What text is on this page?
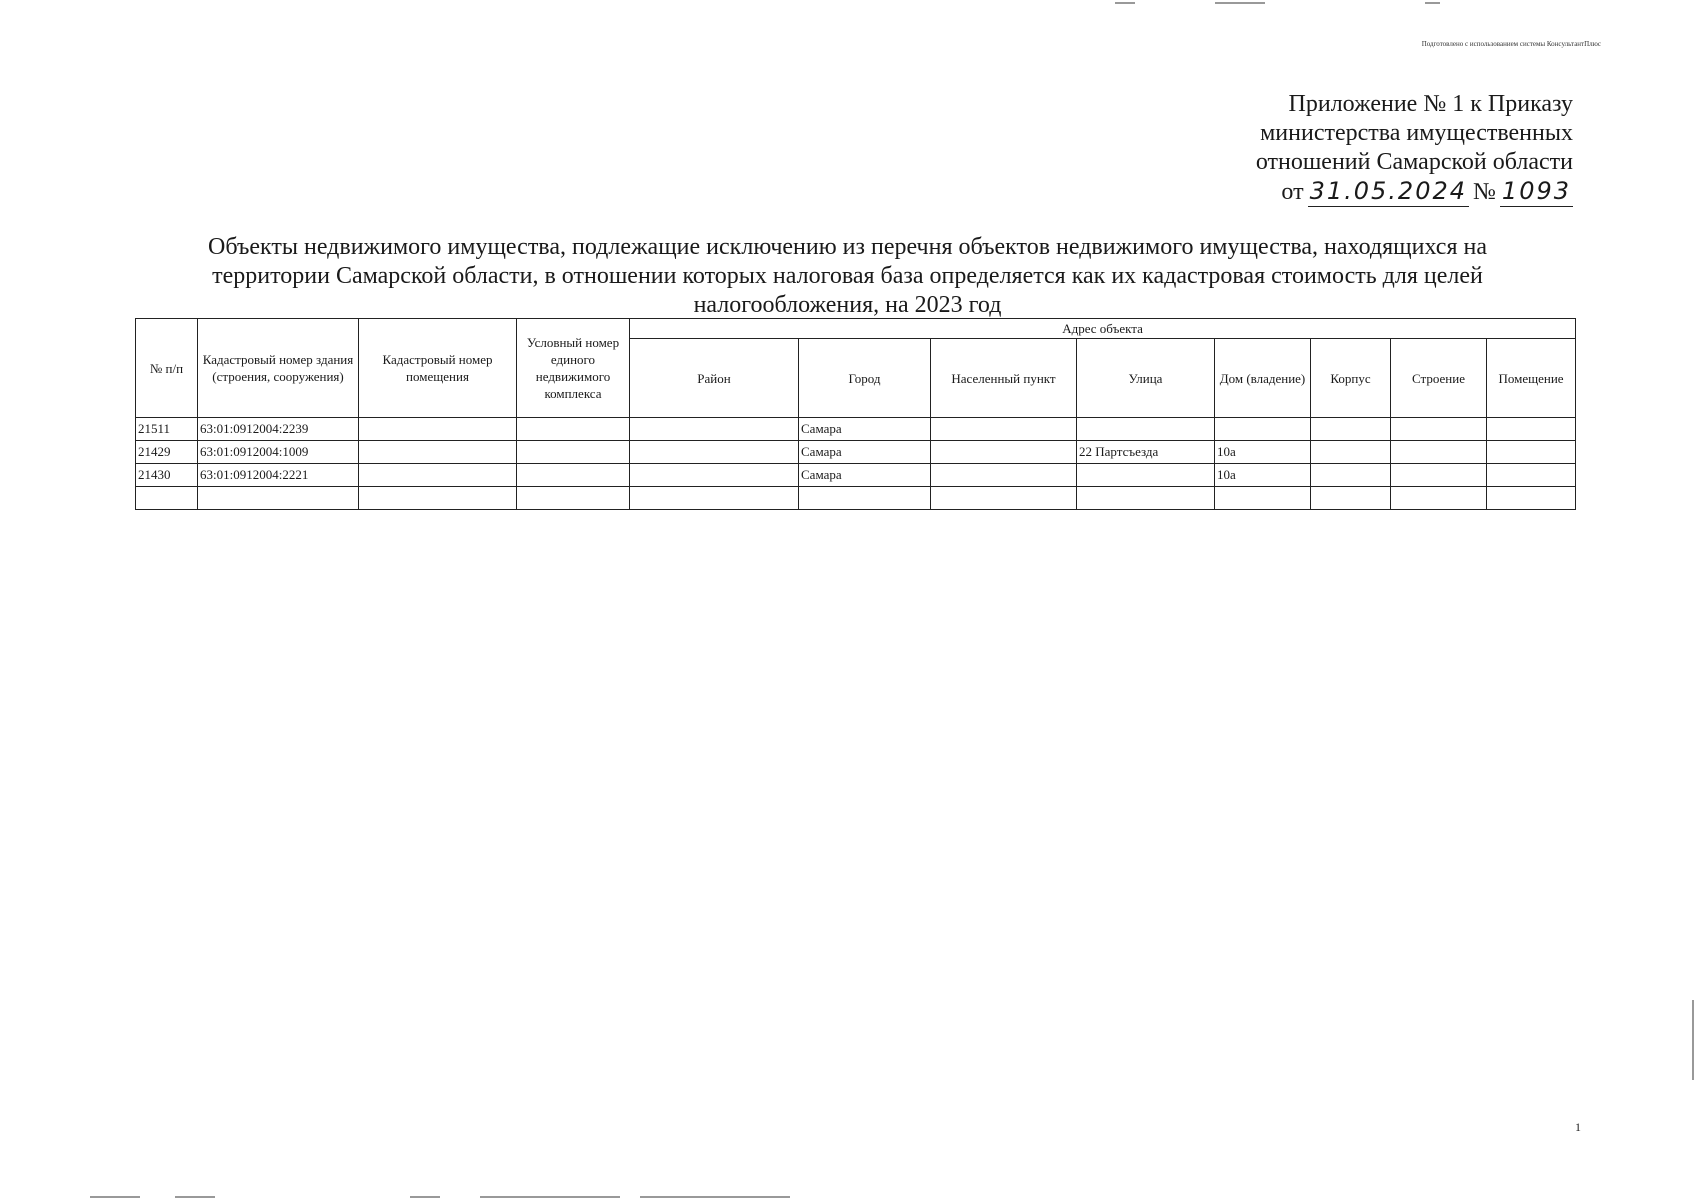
Подготовлено с использованием системы КонсультантПлюс
Приложение № 1 к Приказу
министерства имущественных
отношений Самарской области
от 31.05.2024 № 1093
Объекты недвижимого имущества, подлежащие исключению из перечня объектов недвижимого имущества, находящихся на
территории Самарской области, в отношении которых налоговая база определяется как их кадастровая стоимость для целей
налогообложения, на 2023 год
№ п/п	Кадастровый номер здания (строения, сооружения)	Кадастровый номер помещения	Условный номер единого недвижимого комплекса	Адрес объекта							
				Район	Город	Населенный пункт	Улица	Дом (владение)	Корпус	Строение	Помещение
21511	63:01:0912004:2239				Самара						
21429	63:01:0912004:1009				Самара		22 Партсъезда	10а			
21430	63:01:0912004:2221				Самара			10а			

1
